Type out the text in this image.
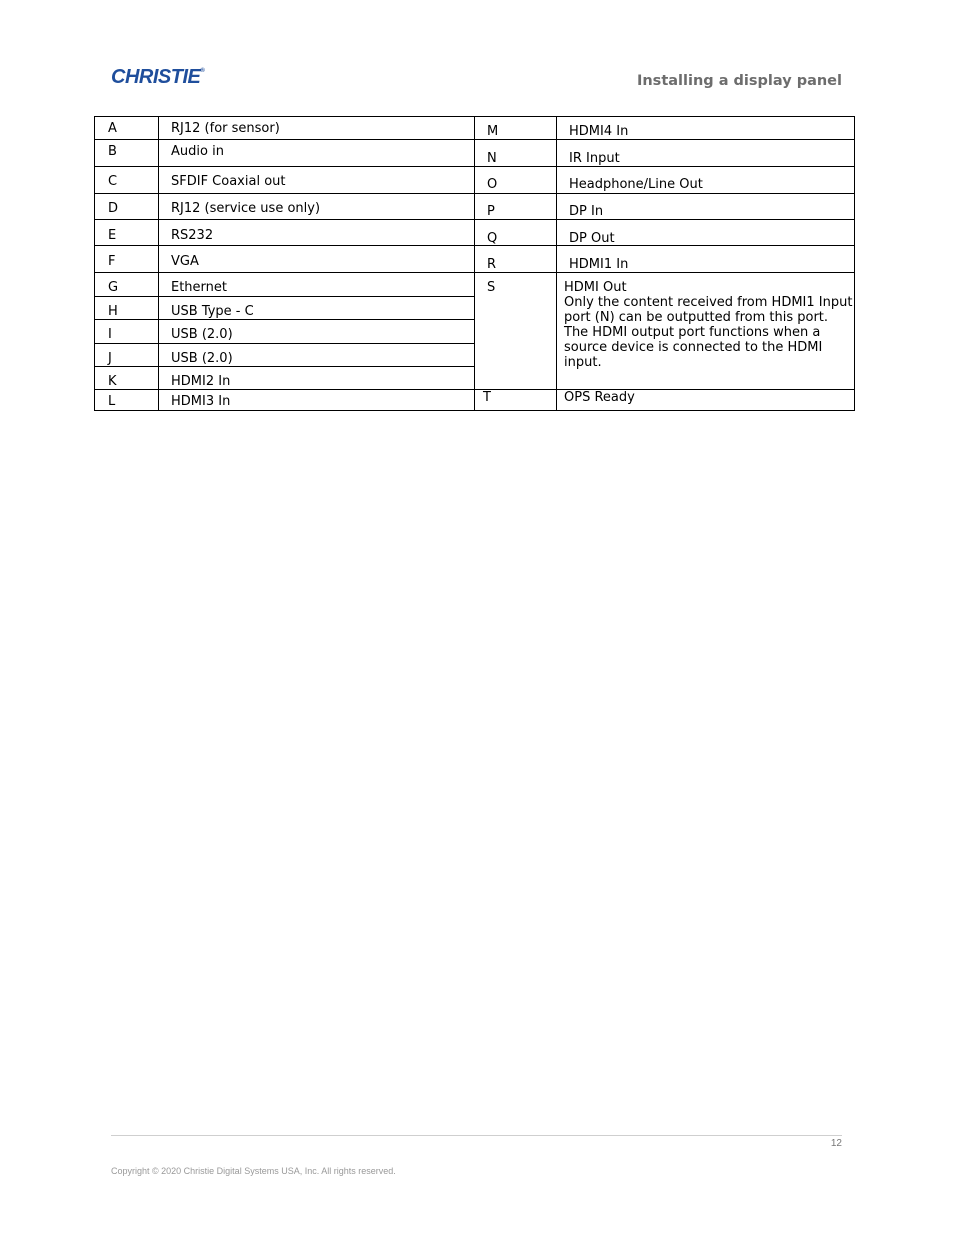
CHRISTIE®
Installing a display panel
A	RJ12 (for sensor)
B	Audio in
C	SFDIF Coaxial out
D	RJ12 (service use only)
E	RS232
F	VGA
G	Ethernet
H	USB Type - C
I	USB (2.0)
J	USB (2.0)
K	HDMI2 In
L	HDMI3 In
M	HDMI4 In
N	IR Input
O	Headphone/Line Out
P	DP In
Q	DP Out
R	HDMI1 In
S	HDMI Out
Only the content received from HDMI1 Input port (N) can be outputted from this port. The HDMI output port functions when a source device is connected to the HDMI input.
T	OPS Ready
12
Copyright © 2020 Christie Digital Systems USA, Inc. All rights reserved.
